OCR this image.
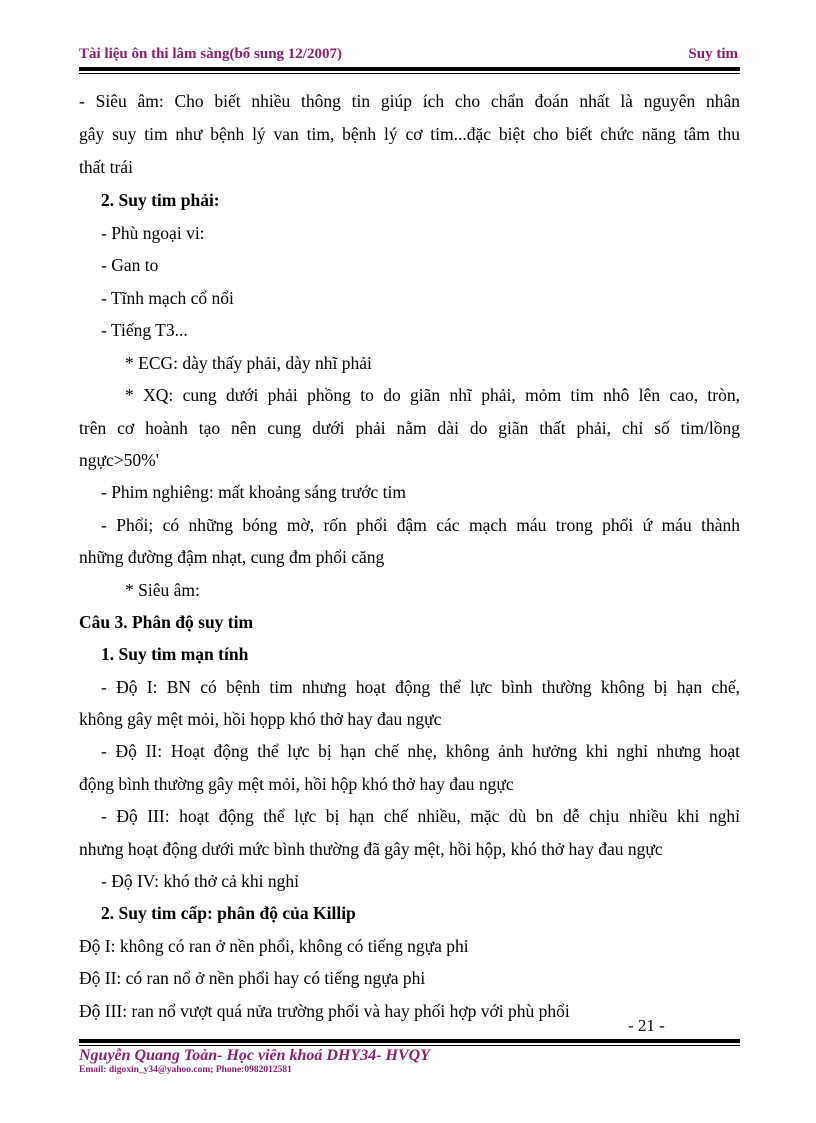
Tài liệu ôn thi lâm sàng(bổ sung 12/2007)	Suy tim
- Siêu âm: Cho biết nhiều thông tin giúp ích cho chẩn đoán nhất là nguyên nhân
gây suy tim như bệnh lý van tim, bệnh lý cơ tim...đặc biệt cho biết chức năng tâm thu
thất trái
2. Suy tim phải:
- Phù ngoại vi:
- Gan to
- Tĩnh mạch cổ nổi
- Tiếng T3...
* ECG: dày thấy phải, dày nhĩ phải
* XQ: cung dưới phải phồng to do giãn nhĩ phải, mỏm tim nhô lên cao, tròn,
trên cơ hoành tạo nên cung dưới phải nằm dài do giãn thất phải, chỉ số tim/lồng
ngực>50%'
- Phim nghiêng: mất khoảng sáng trước tim
- Phổi; có những bóng mờ, rốn phổi đậm các mạch máu trong phổi ứ máu thành
những đường đậm nhạt, cung đm phổi căng
* Siêu âm:
Câu 3. Phân độ suy tim
1. Suy tim mạn tính
- Độ I: BN có bệnh tim nhưng hoạt động thể lực bình thường không bị hạn chế,
không gây mệt mỏi, hồi họpp khó thở hay đau ngực
- Độ II: Hoạt động thể lực bị hạn chế nhẹ, không ảnh hưởng khi nghỉ nhưng hoạt
động bình thường gây mệt mỏi, hồi hộp khó thở hay đau ngực
- Độ III: hoạt động thể lực bị hạn chế nhiều, mặc dù bn dễ chịu nhiều khi nghỉ
nhưng hoạt động dưới mức bình thường đã gây mệt, hồi hộp, khó thở hay đau ngực
- Độ IV: khó thở cả khi nghỉ
2. Suy tim cấp: phân độ của Killip
Độ I: không có ran ở nền phổi, không có tiếng ngựa phi
Độ II: có ran nổ ở nền phổi hay có tiếng ngựa phi
Độ III: ran nổ vượt quá nửa trường phổi và hay phối hợp với phù phổi
- 21 -
Nguyễn Quang Toàn- Học viên khoá DHY34- HVQY
Email: digoxin_y34@yahoo.com; Phone:0982012581
